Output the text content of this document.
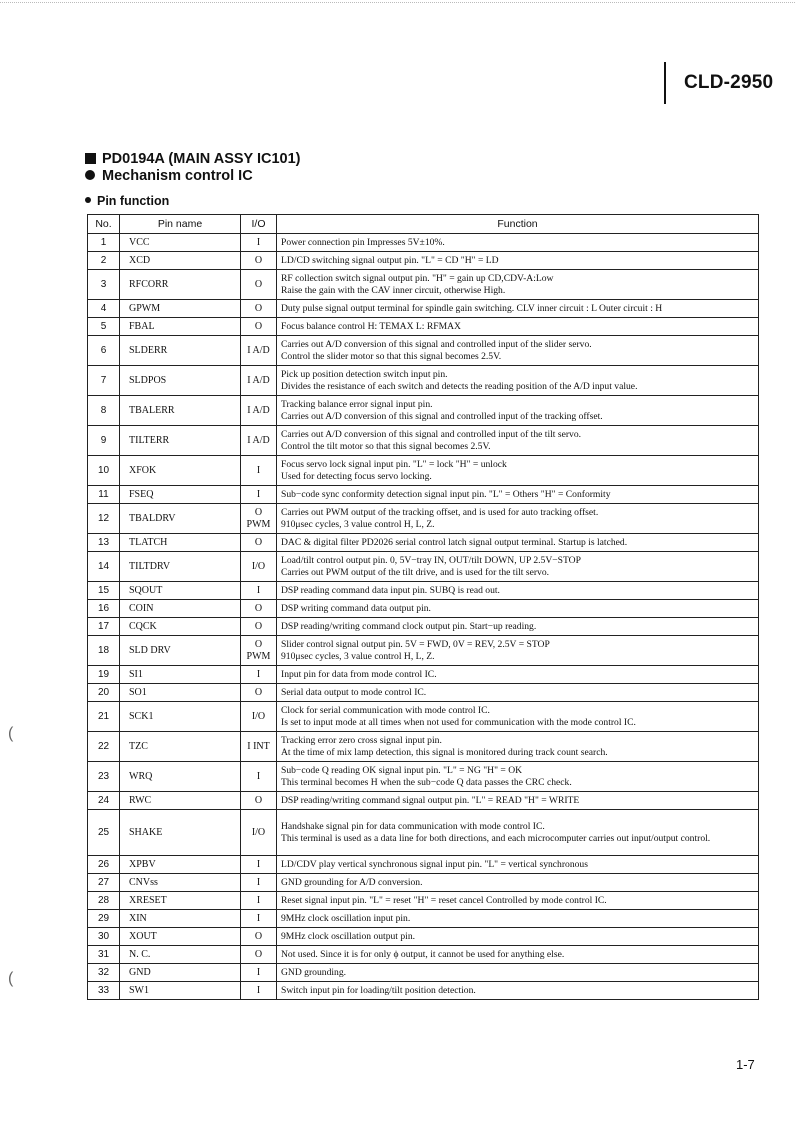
CLD-2950
PD0194A (MAIN ASSY IC101)
Mechanism control IC
Pin function
No.	Pin name	I/O	Function
1	VCC	I	Power connection pin Impresses 5V±10%.

2	XCD	O	LD/CD switching signal output pin. "L" = CD "H" = LD

3	RFCORR	O	RF collection switch signal output pin. "H" = gain up CD,CDV-A:Low
Raise the gain with the CAV inner circuit, otherwise High.

4	GPWM	O	Duty pulse signal output terminal for spindle gain switching. CLV inner circuit : L Outer circuit : H

5	FBAL	O	Focus balance control H: TEMAX L: RFMAX

6	SLDERR	I A/D	Carries out A/D conversion of this signal and controlled input of the slider servo.
Control the slider motor so that this signal becomes 2.5V.

7	SLDPOS	I A/D	Pick up position detection switch input pin.
Divides the resistance of each switch and detects the reading position of the A/D input value.

8	TBALERR	I A/D	Tracking balance error signal input pin.
Carries out A/D conversion of this signal and controlled input of the tracking offset.

9	TILTERR	I A/D	Carries out A/D conversion of this signal and controlled input of the tilt servo.
Control the tilt motor so that this signal becomes 2.5V.

10	XFOK	I	Focus servo lock signal input pin. "L" = lock "H" = unlock
Used for detecting focus servo locking.

11	FSEQ	I	Sub−code sync conformity detection signal input pin. "L" = Others "H" = Conformity

12	TBALDRV	O PWM	Carries out PWM output of the tracking offset, and is used for auto tracking offset.
910μsec cycles, 3 value control H, L, Z.

13	TLATCH	O	DAC & digital filter PD2026 serial control latch signal output terminal. Startup is latched.

14	TILTDRV	I/O	Load/tilt control output pin. 0, 5V−tray IN, OUT/tilt DOWN, UP 2.5V−STOP
Carries out PWM output of the tilt drive, and is used for the tilt servo.

15	SQOUT	I	DSP reading command data input pin. SUBQ is read out.

16	COIN	O	DSP writing command data output pin.

17	CQCK	O	DSP reading/writing command clock output pin. Start−up reading.

18	SLD DRV	O PWM	Slider control signal output pin. 5V = FWD, 0V = REV, 2.5V = STOP
910μsec cycles, 3 value control H, L, Z.

19	SI1	I	Input pin for data from mode control IC.

20	SO1	O	Serial data output to mode control IC.

21	SCK1	I/O	Clock for serial communication with mode control IC.
Is set to input mode at all times when not used for communication with the mode control IC.

22	TZC	I INT	Tracking error zero cross signal input pin.
At the time of mix lamp detection, this signal is monitored during track count search.

23	WRQ	I	Sub−code Q reading OK signal input pin. "L" = NG "H" = OK
This terminal becomes H when the sub−code Q data passes the CRC check.

24	RWC	O	DSP reading/writing command signal output pin. "L" = READ "H" = WRITE

25	SHAKE	I/O	Handshake signal pin for data communication with mode control IC.
This terminal is used as a data line for both directions, and each microcomputer carries out input/output control.

26	XPBV	I	LD/CDV play vertical synchronous signal input pin. "L" = vertical synchronous

27	CNVss	I	GND grounding for A/D conversion.

28	XRESET	I	Reset signal input pin. "L" = reset "H" = reset cancel Controlled by mode control IC.

29	XIN	I	9MHz clock oscillation input pin.

30	XOUT	O	9MHz clock oscillation output pin.

31	N. C.	O	Not used. Since it is for only ϕ output, it cannot be used for anything else.

32	GND	I	GND grounding.

33	SW1	I	Switch input pin for loading/tilt position detection.
1-7
(
(
